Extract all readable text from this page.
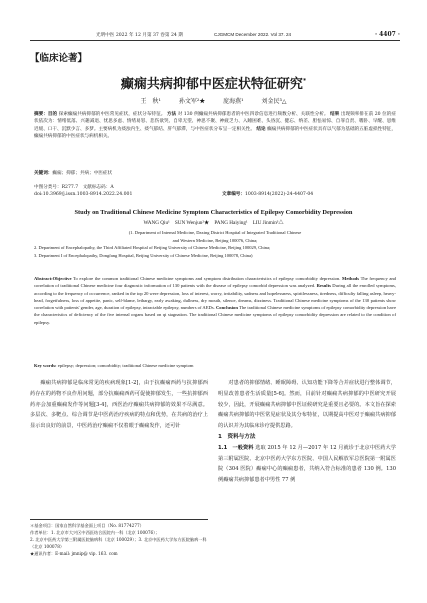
光明中医 2022 年 12 月第 37 卷第 24 期	CJGMCM December 2022. Vol 37. 24	· 4407 ·
【临床论著】
癫痫共病抑郁中医症状特征研究*
王　秋¹	孙文军²★	庞海燕¹	刘金民³△
摘要：目的 探索癫痫共病抑郁的中医常见症状，症状分布特征。 方法 对 130 例癫痫共病抑郁患者的中医四诊信息进行频数分析、关联性分析。 结果 出现频率排在前 20 位的症状依次为：情绪低落、兴趣减退、忧思多虑、情绪易怒、悲伤欲哭、自卑无望、神思不聚、神疲乏力、入睡困难、头昏沉、健忘、纳差、胆怯易惊、自罪自责、嗜卧、早醒、思维迟缓、口干、沉默少言、多梦。主要病机为痰浊内生、痰气郁结、肝气郁滞，与中医症状分布呈一定相关性。 结论 癫痫共病抑郁的中医症状具有以气郁为基础的五脏虚损性特征，癫痫共病抑郁的中医症状与病机相关。
关键词：癫痫；抑郁；共病；中医症状
中图分类号：R277.7　文献标志码：A
doi:10.3969/j.issn.1003-8914.2022.24.001	文章编号：1003-8914(2022)-24-4407-04
Study on Traditional Chinese Medicine Symptom Characteristics of Epilepsy Comorbidity Depression
WANG Qiu¹　SUN Wenjun²★　PANG Haiying¹　LIU Jinmin³△

(1. Department of Internal Medicine, Daxing District Hospital of Integrated Traditional Chinese

and Western Medicine, Beijing 100076, China;

2. Department of Encephalopathy, the Third Affiliated Hospital of Beijing University of Chinese Medicine, Beijing 100029, China;

3. Department I of Encephalopathy, Dongfang Hospital, Beijing University of Chinese Medicine, Beijing 100078, China)

Abstract:Objective To explore the common traditional Chinese medicine symptoms and symptom distribution characteristics of epilepsy comorbidity depression. Methods The frequency and correlation of traditional Chinese medicine four diagnostic information of 130 patients with the disease of epilepsy comorbid depression was analyzed. Results During all the enrolled symptoms, according to the frequency of occurrence, ranked in the top 20 were depression, loss of interest, worry, irritability, sadness and hopelessness, spiritlessness, tiredness, difficulty falling asleep, heavy-head, forgetfulness, loss of appetite, panic, self-blame, lethargy, early awaking, dullness, dry mouth, silence, dreams, dizziness. Traditional Chinese medicine symptoms of the 130 patients show correlation with patients' gender, age, duration of epilepsy, intractable epilepsy, numbers of AEDs. Conclusion The traditional Chinese medicine symptoms of epilepsy comorbidity depression have the characteristics of deficiency of the five internal organs based on qi stagnation. The traditional Chinese medicine symptoms of epilepsy comorbidity depression are related to the condition of epilepsy.
Key words: epilepsy; depression; comorbidity; traditional Chinese medicine symptom

癫痫共病抑郁是临床常见的疾病现象[1-2]，由于抗癫痫西药与抗抑郁西药存在的药物不良作用问题，部分抗癫痫西药可促使抑郁发生，一些抗抑郁西药亦会加重癫痫发作等问题[3-4]，西医治疗癫痫共病抑郁的效果不尽满意。多层次、多靶点、综合调节是中医药治疗疾病的特点和优势，在共病的治疗上显示出良好的前景，中医药治疗癫痫不仅着眼于癫痫发作，还可针

对患者的抑郁情绪、睡眠障碍、认知功能下降等合并症状进行整体调节，明显改善患者生活质量[5-6]。然而，目前针对癫痫共病抑郁的中医研究开展较少，因此，开展癫痫共病抑郁中医证候研究是重要且必要的。本文旨在探索癫痫共病抑郁的中医常见症状及其分布特征，以期提高中医对于癫痫共病抑郁的认识并为其临床诊疗提供思路。

1　资料与方法
1.1　一般资料 选取 2015 年 12 月—2017 年 12 月就诊于北京中医药大学第三附属医院、北京中医药大学东方医院、中国人民解放军总医院第一附属医院（304 医院）癫痫中心的癫痫患者，共纳入符合标准的患者 130 例。130 例癫痫共病抑郁患者中男性 77 例
＊基金项目：国家自然科学基金面上项目（No. 81774277）
作者单位：1. 北京市大兴区中西医结合医院内一科（北京 100076）；
2. 北京中医药大学第三附属医院脑病科（北京 100029）；3. 北京中医药大学东方医院脑病一科（北京 100078）
★通讯作者：E-mail: jmnip@ vip. 163. com
